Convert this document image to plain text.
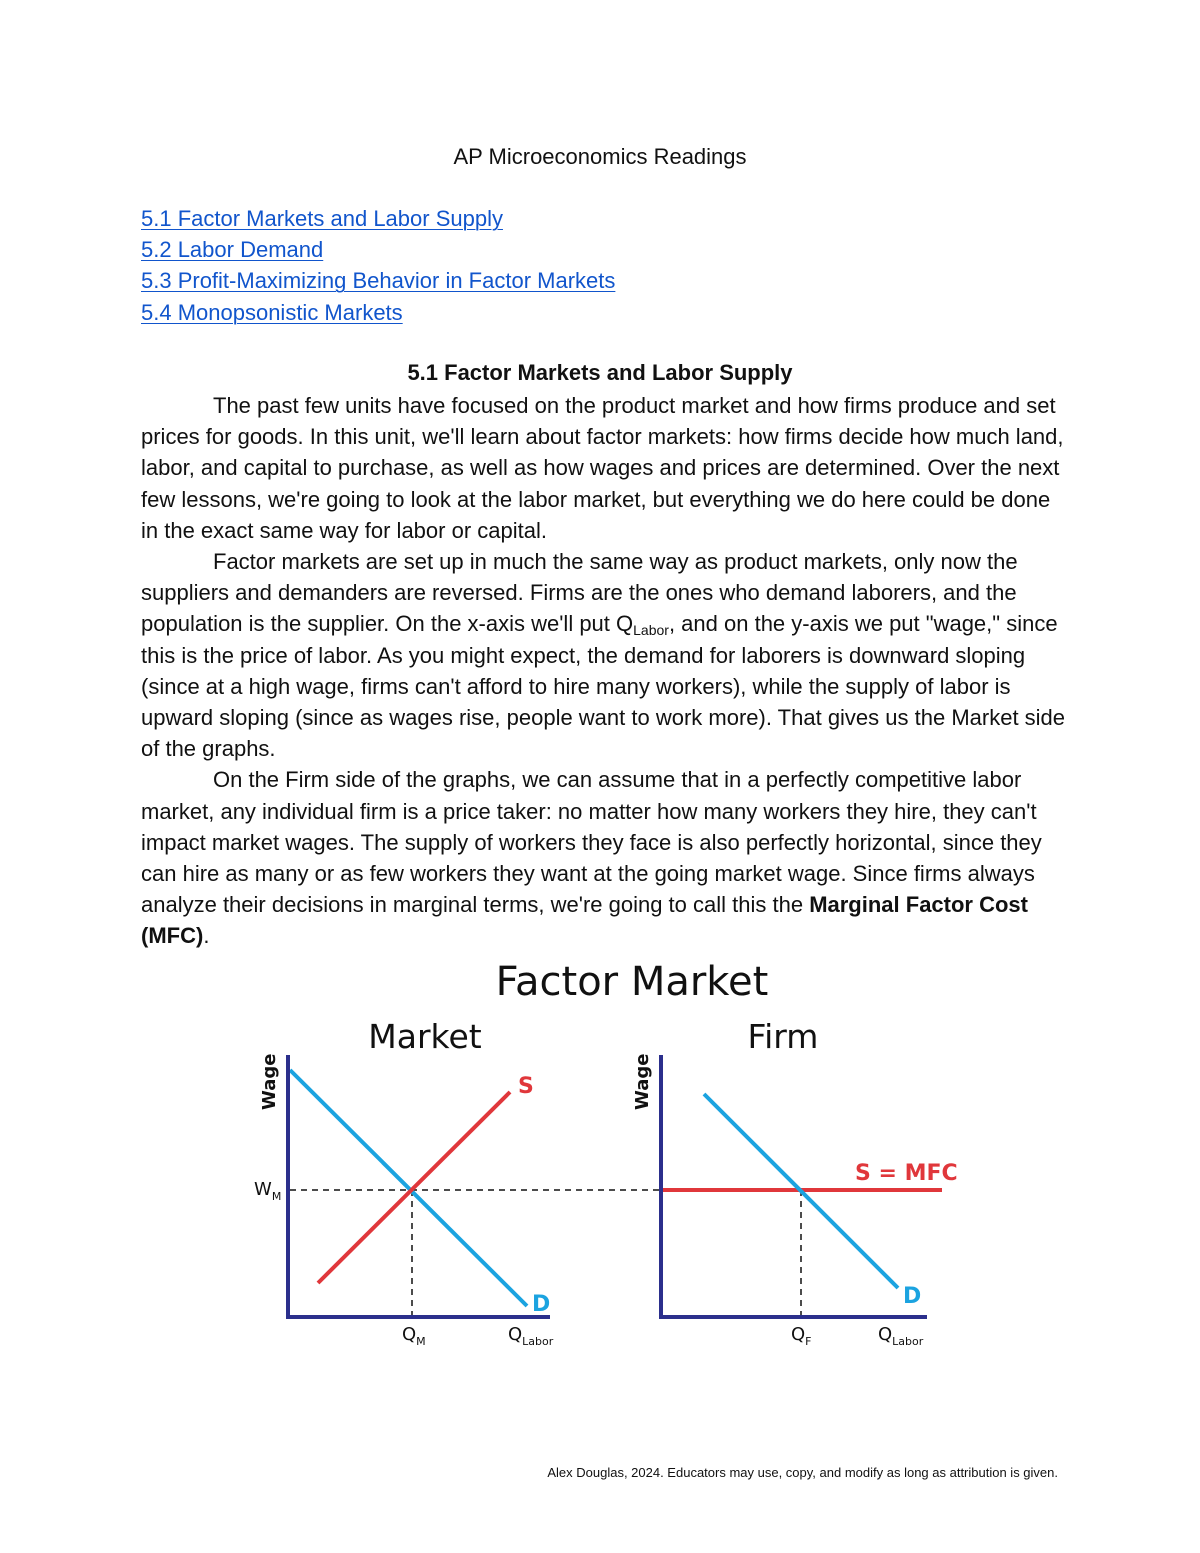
AP Microeconomics Readings
5.1 Factor Markets and Labor Supply
5.2 Labor Demand
5.3 Profit-Maximizing Behavior in Factor Markets
5.4 Monopsonistic Markets
5.1 Factor Markets and Labor Supply

The past few units have focused on the product market and how firms produce and set prices for goods. In this unit, we'll learn about factor markets: how firms decide how much land, labor, and capital to purchase, as well as how wages and prices are determined. Over the next few lessons, we're going to look at the labor market, but everything we do here could be done in the exact same way for labor or capital.

Factor markets are set up in much the same way as product markets, only now the suppliers and demanders are reversed. Firms are the ones who demand laborers, and the population is the supplier. On the x-axis we'll put $Q_{Labor}$, and on the y-axis we put "wage," since this is the price of labor. As you might expect, the demand for laborers is downward sloping (since at a high wage, firms can't afford to hire many workers), while the supply of labor is upward sloping (since as wages rise, people want to work more). That gives us the Market side of the graphs.

On the Firm side of the graphs, we can assume that in a perfectly competitive labor market, any individual firm is a price taker: no matter how many workers they hire, they can't impact market wages. The supply of workers they face is also perfectly horizontal, since they can hire as many or as few workers they want at the going market wage. Since firms always analyze their decisions in marginal terms, we're going to call this the Marginal Factor Cost (MFC).

Factor Market
Market
Wage	S
D
$W_M$
$Q_M$	$Q_{Labor}$
Firm
Wage
S = MFC
D
$Q_F$	$Q_{Labor}$
Alex Douglas, 2024. Educators may use, copy, and modify as long as attribution is given.
